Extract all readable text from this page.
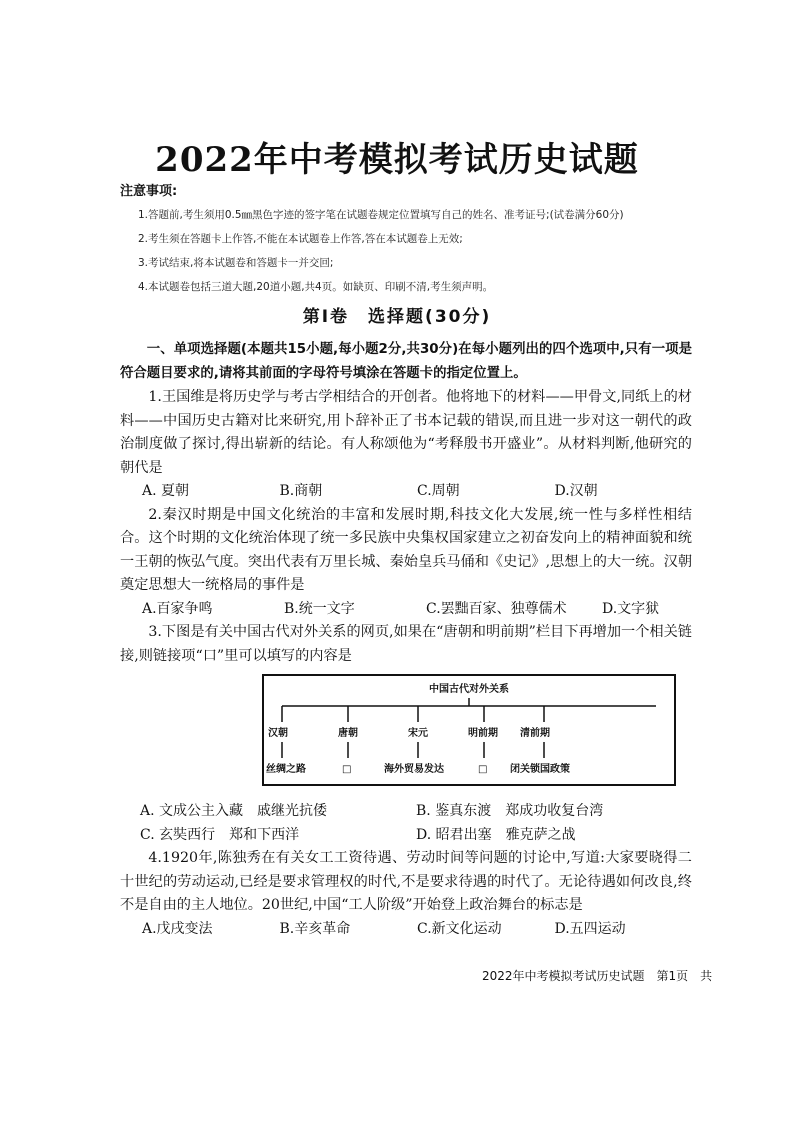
2022年中考模拟考试历史试题
注意事项:
1.答题前,考生须用0.5㎜黑色字迹的签字笔在试题卷规定位置填写自己的姓名、准考证号;(试卷满分60分)
2.考生须在答题卡上作答,不能在本试题卷上作答,答在本试题卷上无效;
3.考试结束,将本试题卷和答题卡一并交回;
4.本试题卷包括三道大题,20道小题,共4页。如缺页、印刷不清,考生须声明。
第Ⅰ卷　选择题(30分)

一、单项选择题(本题共15小题,每小题2分,共30分)在每小题列出的四个选项中,只有一项是符合题目要求的,请将其前面的字母符号填涂在答题卡的指定位置上。

1.王国维是将历史学与考古学相结合的开创者。他将地下的材料——甲骨文,同纸上的材料——中国历史古籍对比来研究,用卜辞补正了书本记载的错误,而且进一步对这一朝代的政治制度做了探讨,得出崭新的结论。有人称颂他为“考释殷书开盛业”。从材料判断,他研究的朝代是

A. 夏朝	B.商朝	C.周朝	D.汉朝

2.秦汉时期是中国文化统治的丰富和发展时期,科技文化大发展,统一性与多样性相结合。这个时期的文化统治体现了统一多民族中央集权国家建立之初奋发向上的精神面貌和统一王朝的恢弘气度。突出代表有万里长城、秦始皇兵马俑和《史记》,思想上的大一统。汉朝奠定思想大一统格局的事件是

A.百家争鸣	B.统一文字	C.罢黜百家、独尊儒术	D.文字狱

3.下图是有关中国古代对外关系的网页,如果在“唐朝和明前期”栏目下再增加一个相关链接,则链接项“口”里可以填写的内容是

中国古代对外关系
汉朝	唐朝	宋元	明前期 清前期
丝绸之路	□	海外贸易发达	□ 闭关锁国政策
A. 文成公主入藏　戚继光抗倭	B. 鉴真东渡　郑成功收复台湾
C. 玄奘西行　郑和下西洋	D. 昭君出塞　雅克萨之战

4.1920年,陈独秀在有关女工工资待遇、劳动时间等问题的讨论中,写道:大家要晓得二十世纪的劳动运动,已经是要求管理权的时代,不是要求待遇的时代了。无论待遇如何改良,终不是自由的主人地位。20世纪,中国“工人阶级”开始登上政治舞台的标志是

A.戊戌变法	B.辛亥革命	C.新文化运动	D.五四运动
2022年中考模拟考试历史试题　第1页　共
